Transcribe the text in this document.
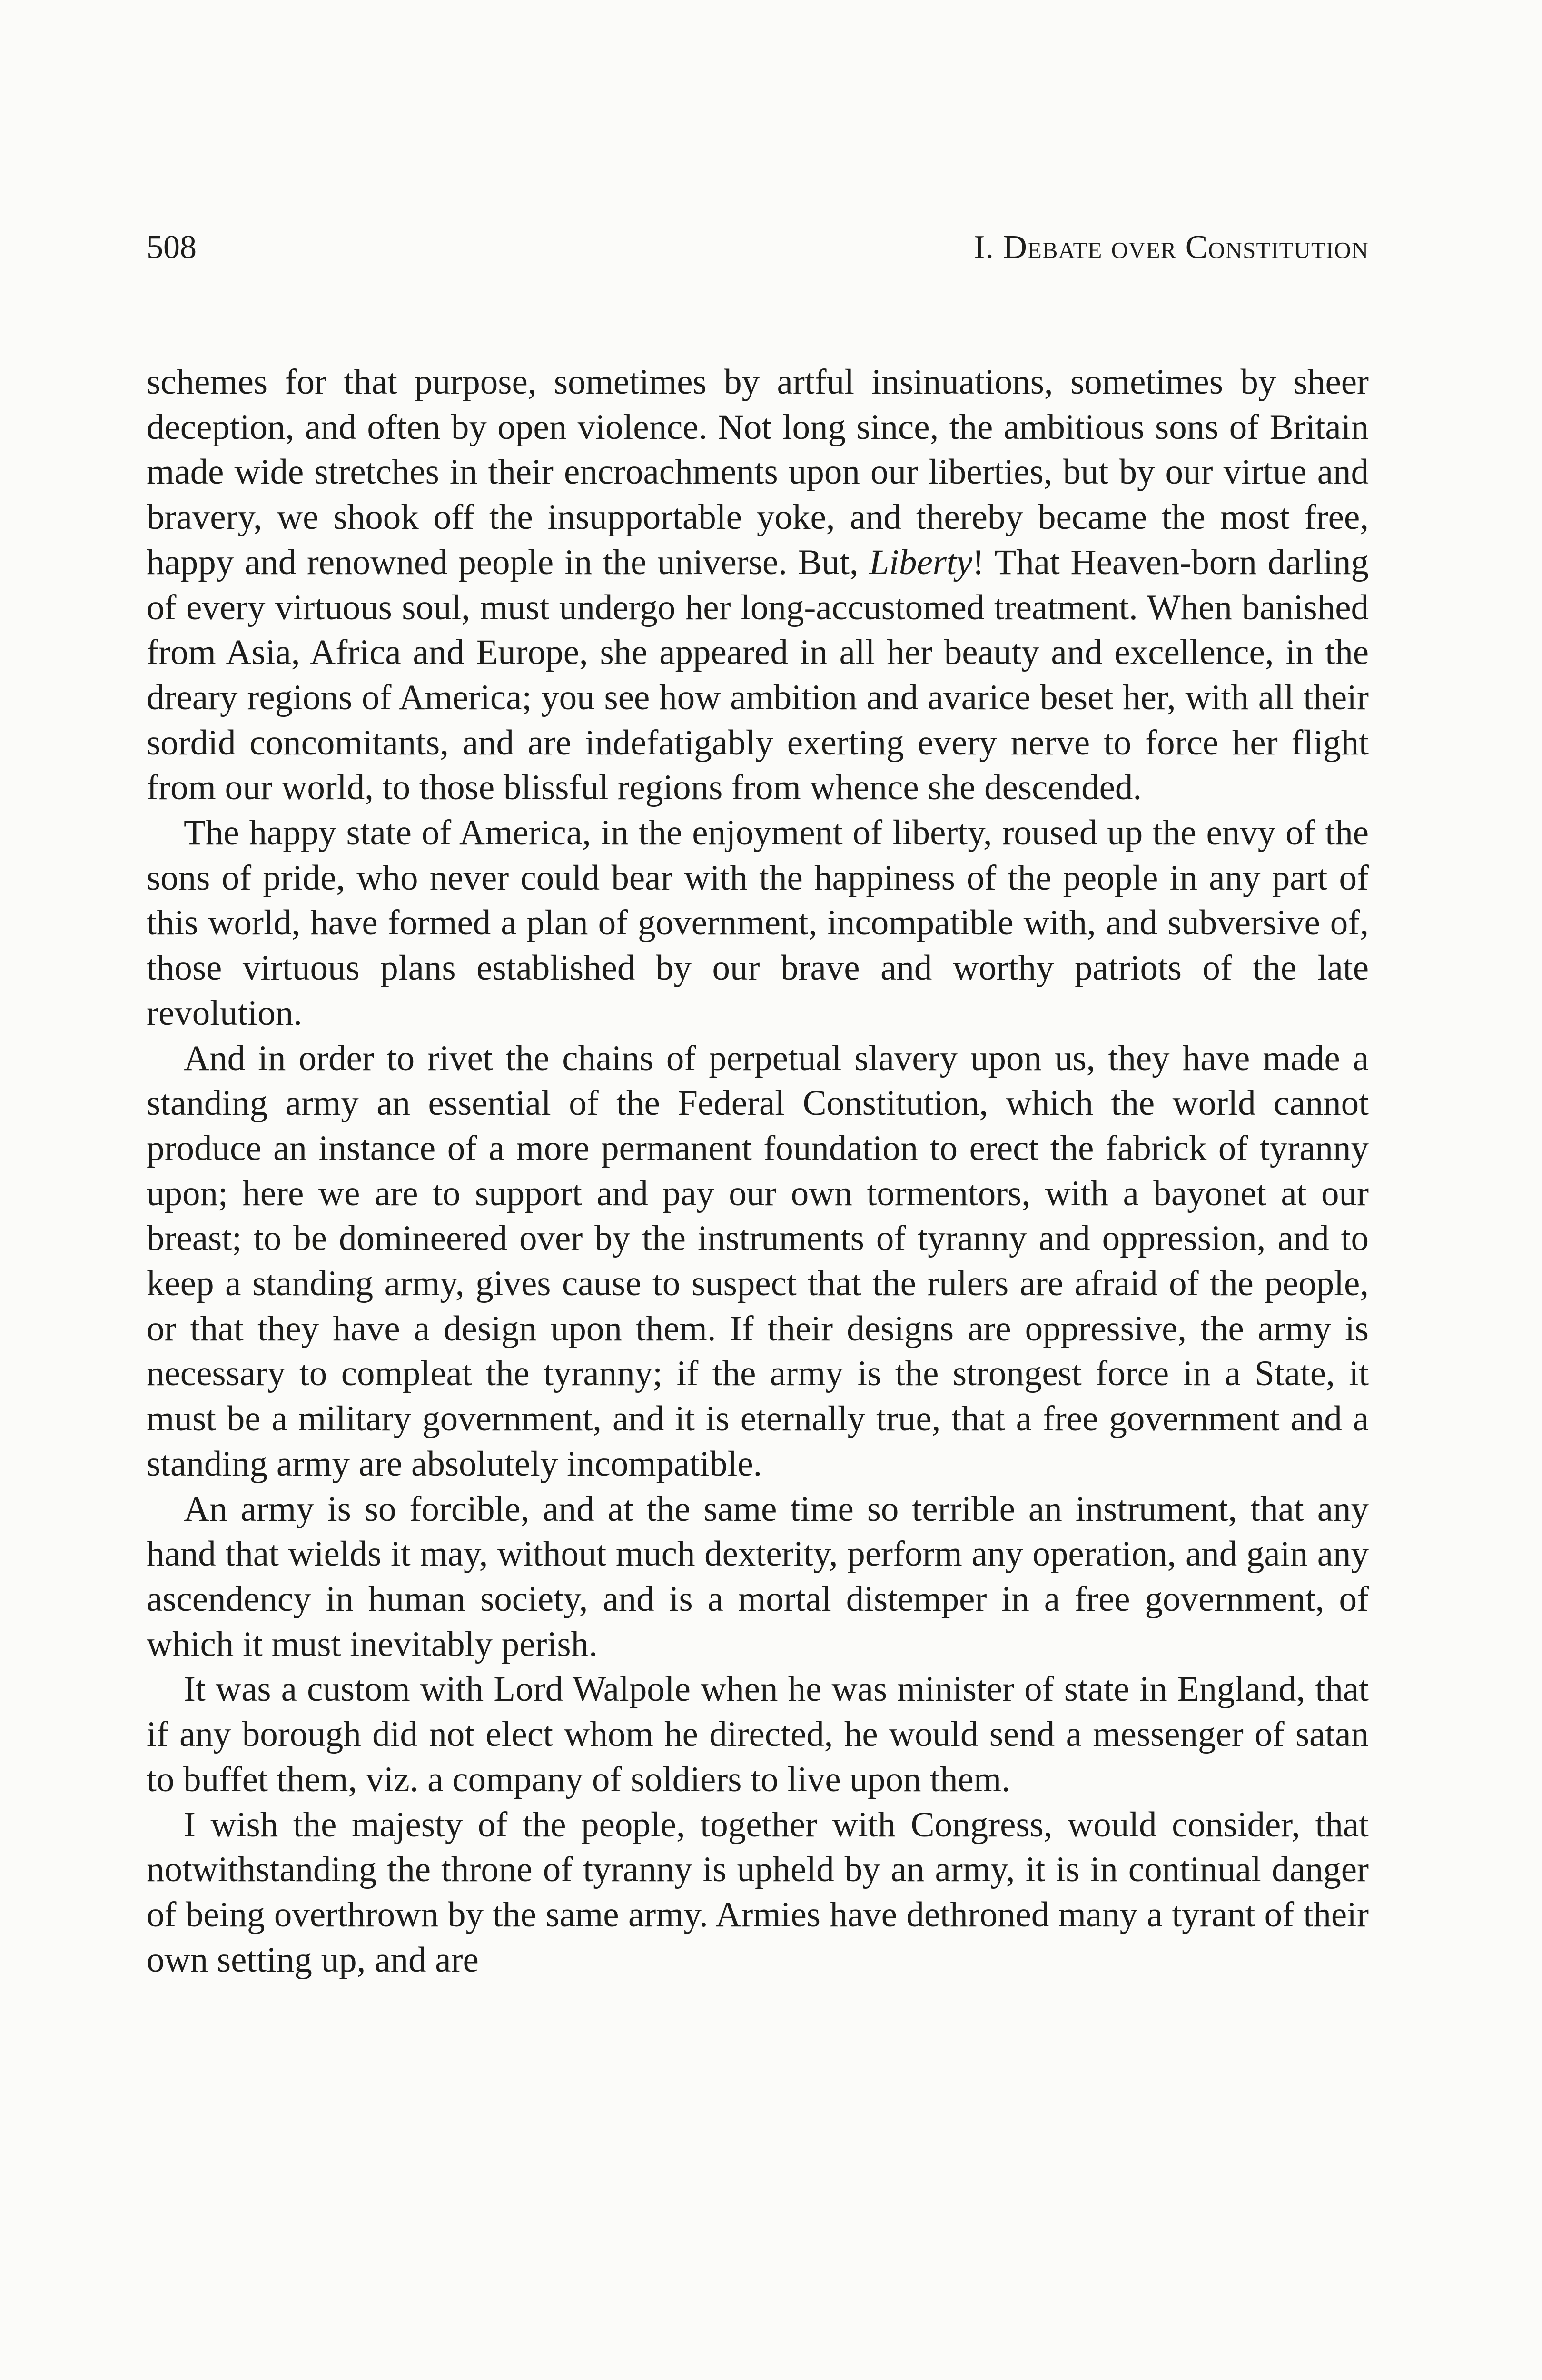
508	I. Debate over Constitution

schemes for that purpose, sometimes by artful insinuations, sometimes by sheer deception, and often by open violence. Not long since, the ambitious sons of Britain made wide stretches in their encroachments upon our liberties, but by our virtue and bravery, we shook off the insupportable yoke, and thereby became the most free, happy and renowned people in the universe. But, Liberty! That Heaven-born darling of every virtuous soul, must undergo her long-accustomed treatment. When banished from Asia, Africa and Europe, she appeared in all her beauty and excellence, in the dreary regions of America; you see how ambition and avarice beset her, with all their sordid concomitants, and are indefatigably exerting every nerve to force her flight from our world, to those blissful regions from whence she descended.

The happy state of America, in the enjoyment of liberty, roused up the envy of the sons of pride, who never could bear with the happiness of the people in any part of this world, have formed a plan of government, incompatible with, and subversive of, those virtuous plans established by our brave and worthy patriots of the late revolution.

And in order to rivet the chains of perpetual slavery upon us, they have made a standing army an essential of the Federal Constitution, which the world cannot produce an instance of a more permanent foundation to erect the fabrick of tyranny upon; here we are to support and pay our own tormentors, with a bayonet at our breast; to be domineered over by the instruments of tyranny and oppression, and to keep a standing army, gives cause to suspect that the rulers are afraid of the people, or that they have a design upon them. If their designs are oppressive, the army is necessary to compleat the tyranny; if the army is the strongest force in a State, it must be a military government, and it is eternally true, that a free government and a standing army are absolutely incompatible.

An army is so forcible, and at the same time so terrible an instrument, that any hand that wields it may, without much dexterity, perform any operation, and gain any ascendency in human society, and is a mortal distemper in a free government, of which it must inevitably perish.

It was a custom with Lord Walpole when he was minister of state in England, that if any borough did not elect whom he directed, he would send a messenger of satan to buffet them, viz. a company of soldiers to live upon them.

I wish the majesty of the people, together with Congress, would consider, that notwithstanding the throne of tyranny is upheld by an army, it is in continual danger of being overthrown by the same army. Armies have dethroned many a tyrant of their own setting up, and are
